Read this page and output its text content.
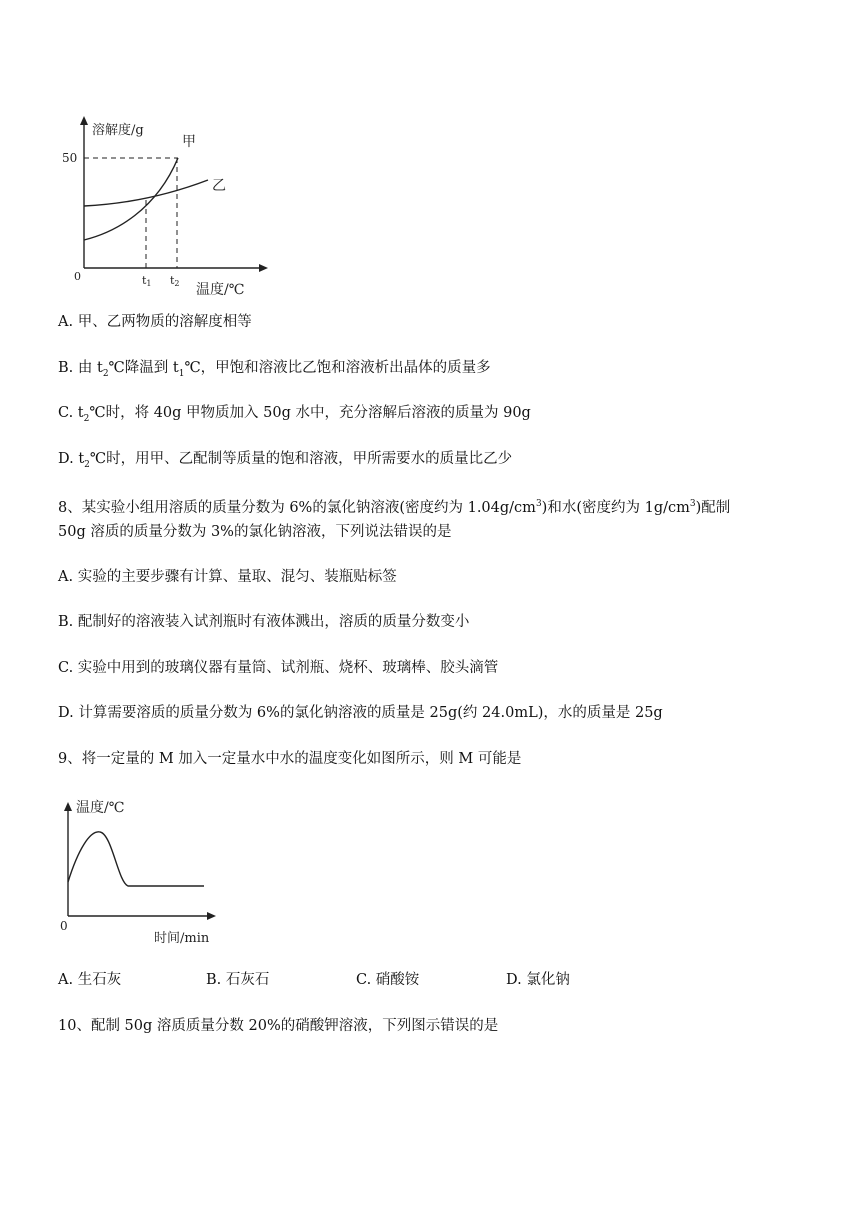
溶解度/g
甲
乙
50
0	t1 t2 温度/℃
A. 甲、乙两物质的溶解度相等
B. 由 $t_2℃$降温到 $t_1℃$，甲饱和溶液比乙饱和溶液析出晶体的质量多
C. $t_2℃$时，将 40g 甲物质加入 50g 水中，充分溶解后溶液的质量为 90g
D. $t_2℃$时，用甲、乙配制等质量的饱和溶液，甲所需要水的质量比乙少
8、某实验小组用溶质的质量分数为 6%的氯化钠溶液(密度约为 $1.04g/cm^3$)和水(密度约为 $1g/cm^3$)配制
50g 溶质的质量分数为 3%的氯化钠溶液，下列说法错误的是
A. 实验的主要步骤有计算、量取、混匀、装瓶贴标签
B. 配制好的溶液装入试剂瓶时有液体溅出，溶质的质量分数变小
C. 实验中用到的玻璃仪器有量筒、试剂瓶、烧杯、玻璃棒、胶头滴管
D. 计算需要溶质的质量分数为 6%的氯化钠溶液的质量是 25g(约 24.0mL)，水的质量是 25g
9、将一定量的 M 加入一定量水中水的温度变化如图所示，则 M 可能是
温度/℃
0
时间/min
A. 生石灰	B. 石灰石	C. 硝酸铵	D. 氯化钠
10、配制 50g 溶质质量分数 20%的硝酸钾溶液，下列图示错误的是
